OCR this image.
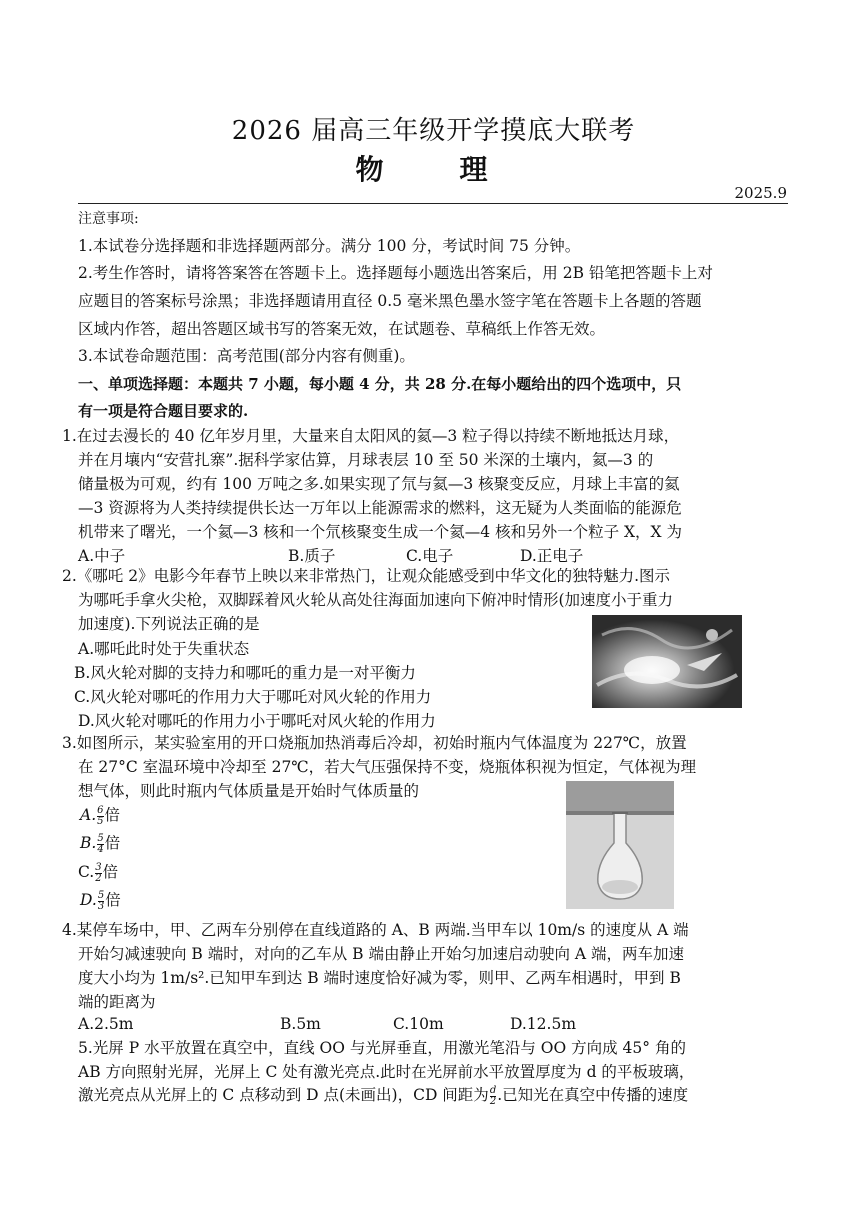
2026 届高三年级开学摸底大联考
物　理
2025.9
注意事项:
1.本试卷分选择题和非选择题两部分。满分 100 分，考试时间 75 分钟。
2.考生作答时，请将答案答在答题卡上。选择题每小题选出答案后，用 2B 铅笔把答题卡上对
应题目的答案标号涂黑；非选择题请用直径 0.5 毫米黑色墨水签字笔在答题卡上各题的答题
区域内作答，超出答题区域书写的答案无效，在试题卷、草稿纸上作答无效。
3.本试卷命题范围：高考范围(部分内容有侧重)。
一、单项选择题：本题共 7 小题，每小题 4 分，共 28 分.在每小题给出的四个选项中，只
有一项是符合题目要求的.
1.在过去漫长的 40 亿年岁月里，大量来自太阳风的氦—3 粒子得以持续不断地抵达月球，
并在月壤内“安营扎寨”.据科学家估算，月球表层 10 至 50 米深的土壤内，氦—3 的
储量极为可观，约有 100 万吨之多.如果实现了氘与氦—3 核聚变反应，月球上丰富的氦
—3 资源将为人类持续提供长达一万年以上能源需求的燃料，这无疑为人类面临的能源危
机带来了曙光，一个氦—3 核和一个氘核聚变生成一个氦—4 核和另外一个粒子 X，X 为
A.中子	B.质子	C.电子	D.正电子
2.《哪吒 2》电影今年春节上映以来非常热门，让观众能感受到中华文化的独特魅力.图示
为哪吒手拿火尖枪，双脚踩着风火轮从高处往海面加速向下俯冲时情形(加速度小于重力
加速度).下列说法正确的是
A.哪吒此时处于失重状态
B.风火轮对脚的支持力和哪吒的重力是一对平衡力
C.风火轮对哪吒的作用力大于哪吒对风火轮的作用力
D.风火轮对哪吒的作用力小于哪吒对风火轮的作用力
3.如图所示，某实验室用的开口烧瓶加热消毒后冷却，初始时瓶内气体温度为 227℃，放置
在 27°C 室温环境中冷却至 27℃，若大气压强保持不变，烧瓶体积视为恒定，气体视为理
想气体，则此时瓶内气体质量是开始时气体质量的
A. $\frac{6}{5}$ 倍
B. $\frac{5}{4}$ 倍
C. $\frac{3}{2}$ 倍
D. $\frac{5}{3}$ 倍
4.某停车场中，甲、乙两车分别停在直线道路的 A、B 两端.当甲车以 10m/s 的速度从 A 端
开始匀减速驶向 B 端时，对向的乙车从 B 端由静止开始匀加速启动驶向 A 端，两车加速
度大小均为 1m/s².已知甲车到达 B 端时速度恰好减为零，则甲、乙两车相遇时，甲到 B
端的距离为
A.2.5m	B.5m	C.10m	D.12.5m
5.光屏 P 水平放置在真空中，直线 OO 与光屏垂直，用激光笔沿与 OO 方向成 45° 角的
AB 方向照射光屏，光屏上 C 处有激光亮点.此时在光屏前水平放置厚度为 d 的平板玻璃，
激光亮点从光屏上的 C 点移动到 D 点(未画出)，CD 间距为 $\frac{d}{2}$ .已知光在真空中传播的速度
